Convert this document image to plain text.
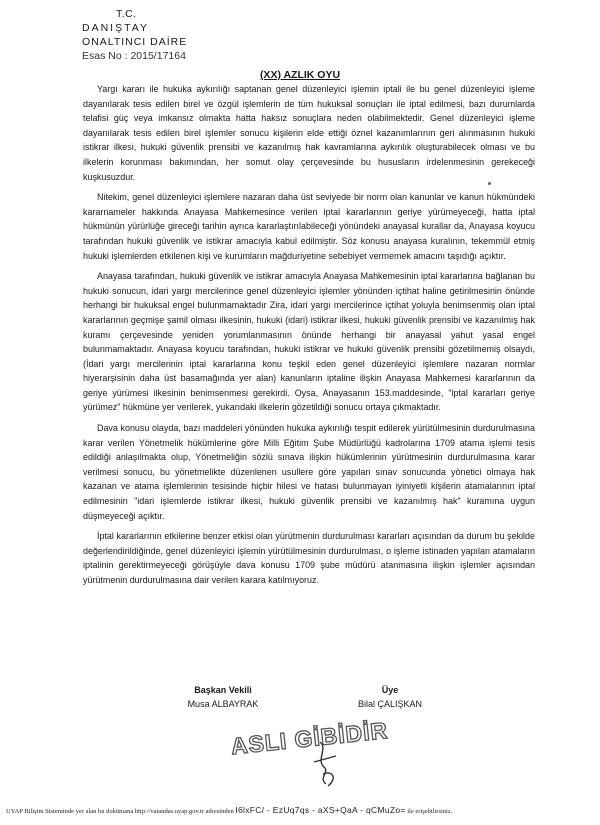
T.C.
DANIŞTAY
ONALTINCI DAİRE
Esas No : 2015/17164
(XX) AZLIK OYU

Yargı kararı ile hukuka aykırılığı saptanan genel düzenleyici işlemin iptali ile bu genel düzenleyici işleme dayanılarak tesis edilen birel ve özgül işlemlerin de tüm hukuksal sonuçları ile iptal edilmesi, bazı durumlarda telafisi güç veya imkansız olmakta hatta haksız sonuçlara neden olabilmektedir. Genel düzenleyici işleme dayanılarak tesis edilen birel işlemler sonucu kişilerin elde ettiği öznel kazanımlarının geri alınmasının hukuki istikrar ilkesi, hukuki güvenlik prensibi ve kazanılmış hak kavramlarına aykırılık oluşturabilecek olması ve bu ilkelerin korunması bakımından, her somut olay çerçevesinde bu hususların irdelenmesinin gerekeceği kuşkusuzdur.

Nitekim, genel düzenleyici işlemlere nazaran daha üst seviyede bir norm olan kanunlar ve kanun hükmündeki kararnameler hakkında Anayasa Mahkemesince verilen iptal kararlarının geriye yürümeyeceği, hatta iptal hükmünün yürürlüğe gireceği tarihin ayrıca kararlaştırılabileceği yönündeki anayasal kurallar da, Anayasa koyucu tarafından hukuki güvenlik ve istikrar amacıyla kabul edilmiştir. Söz konusu anayasa kuralının, tekemmül etmiş hukuki işlemlerden etkilenen kişi ve kurumların mağduriyetine sebebiyet vermemek amacını taşıdığı açıktır.

Anayasa tarafından, hukuki güvenlik ve istikrar amacıyla Anayasa Mahkemesinin iptal kararlarına bağlanan bu hukuki sonucun, idari yargı mercilerince genel düzenleyici işlemler yönünden içtihat haline getirilmesinin önünde herhangi bir hukuksal engel bulunmamaktadır Zira, idari yargı mercilerince içtihat yoluyla benimsenmiş olan iptal kararlarının geçmişe şamil olması ilkesinin, hukuki (idari) istikrar ilkesi, hukuki güvenlik prensibi ve kazanılmış hak kuramı çerçevesinde yeniden yorumlanmasının önünde herhangi bir anayasal yahut yasal engel bulunmamaktadır. Anayasa koyucu tarafından, hukuki istikrar ve hukuki güvenlik prensibi gözetilmemiş olsaydı, (İdari yargı mercilerinin iptal kararlarına konu teşkil eden genel düzenleyici işlemlere nazaran normlar hiyerarşisinin daha üst basamağında yer alan) kanunların iptaline ilişkin Anayasa Mahkemesi kararlarının da geriye yürümesi ilkesinin benimsenmesi gerekirdi. Oysa, Anayasanın 153.maddesinde, "iptal kararları geriye yürümez" hükmüne yer verilerek, yukarıdaki ilkelerin gözetildiği sonucu ortaya çıkmaktadır.

Dava konusu olayda, bazı maddeleri yönünden hukuka aykırılığı tespit edilerek yürütülmesinin durdurulmasına karar verilen Yönetmelik hükümlerine göre Milli Eğitim Şube Müdürlüğü kadrolarına 1709 atama işlemi tesis edildiği anlaşılmakta olup, Yönetmeliğin sözlü sınava ilişkin hükümlerinin yürütmesinin durdurulmasına karar verilmesi sonucu, bu yönetmelikte düzenlenen usullere göre yapılan sınav sonucunda yönetici olmaya hak kazanan ve atama işlemlerinin tesisinde hiçbir hilesi ve hatası bulunmayan iyiniyetli kişilerin atamalarının iptal edilmesinin "idari işlemlerde istikrar ilkesi, hukuki güvenlik prensibi ve kazanılmış hak" kuramına uygun düşmeyeceği açıktır.

İptal kararlarının etkilerine benzer etkisi olan yürütmenin durdurulması kararları açısından da durum bu şekilde değerlendirildiğinde, genel düzenleyici işlemin yürütülmesinin durdurulması, o işleme istinaden yapılan atamaların iptalinin gerektirmeyeceği görüşüyle dava konusu 1709 şube müdürü atanmasına ilişkin işlemler açısından yürütmenin durdurulmasına dair verilen karara katılmıyoruz.

Başkan Vekili
Musa ALBAYRAK
Üye
Bilal ÇALIŞKAN
ASLI GİBİDİR
UYAP Bilişim Sisteminde yer alan bu dokümana http://vatandas.uyap.gov.tr adresinden I6lxFC/ - EzUq7qs - aXS+QaA - qCMuZo= ile erişebilirsiniz.
